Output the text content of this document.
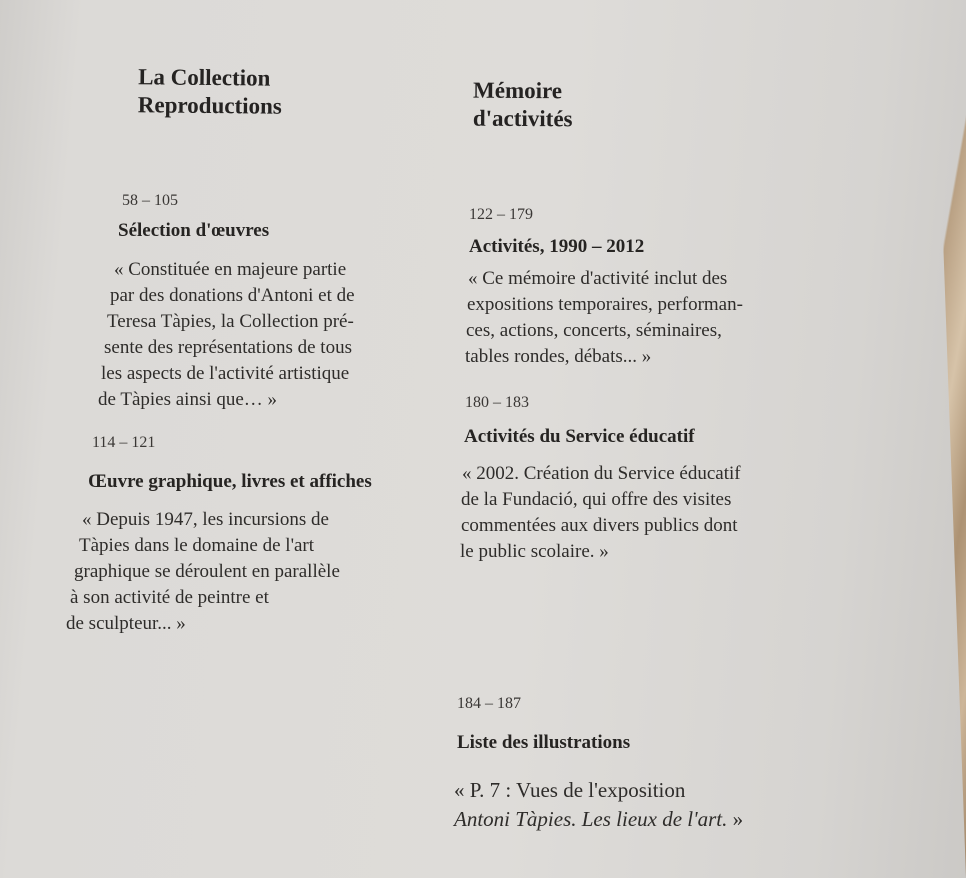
La Collection
Reproductions
Mémoire
d'activités
58 – 105
Sélection d'œuvres
« Constituée en majeure partie
par des donations d'Antoni et de
Teresa Tàpies, la Collection pré-
sente des représentations de tous
les aspects de l'activité artistique
de Tàpies ainsi que… »
114 – 121
Œuvre graphique, livres et affiches
« Depuis 1947, les incursions de
Tàpies dans le domaine de l'art
graphique se déroulent en parallèle
à son activité de peintre et
de sculpteur... »
122 – 179
Activités, 1990 – 2012
« Ce mémoire d'activité inclut des
expositions temporaires, performan-
ces, actions, concerts, séminaires,
tables rondes, débats... »
180 – 183
Activités du Service éducatif
« 2002. Création du Service éducatif
de la Fundació, qui offre des visites
commentées aux divers publics dont
le public scolaire. »
184 – 187
Liste des illustrations
« P. 7 : Vues de l'exposition
Antoni Tàpies. Les lieux de l'art. »
